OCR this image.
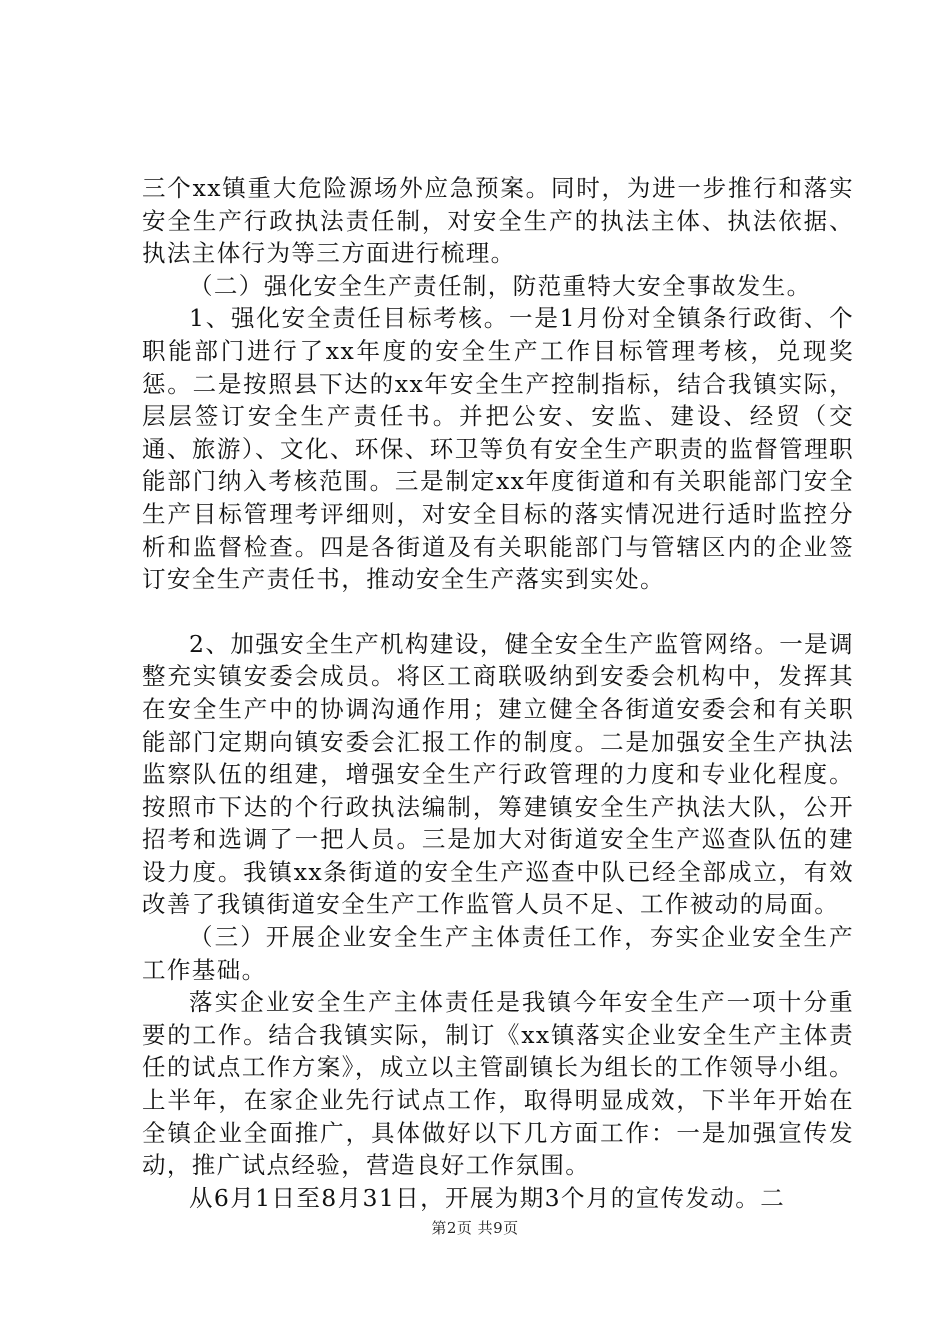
三个xx镇重大危险源场外应急预案。同时，为进一步推行和落实安全生产行政执法责任制，对安全生产的执法主体、执法依据、执法主体行为等三方面进行梳理。

（二）强化安全生产责任制，防范重特大安全事故发生。

1、强化安全责任目标考核。一是1月份对全镇条行政街、个职能部门进行了xx年度的安全生产工作目标管理考核，兑现奖惩。二是按照县下达的xx年安全生产控制指标，结合我镇实际，层层签订安全生产责任书。并把公安、安监、建设、经贸（交通、旅游）、文化、环保、环卫等负有安全生产职责的监督管理职能部门纳入考核范围。三是制定xx年度街道和有关职能部门安全生产目标管理考评细则，对安全目标的落实情况进行适时监控分析和监督检查。四是各街道及有关职能部门与管辖区内的企业签订安全生产责任书，推动安全生产落实到实处。

2、加强安全生产机构建设，健全安全生产监管网络。一是调整充实镇安委会成员。将区工商联吸纳到安委会机构中，发挥其在安全生产中的协调沟通作用；建立健全各街道安委会和有关职能部门定期向镇安委会汇报工作的制度。二是加强安全生产执法监察队伍的组建，增强安全生产行政管理的力度和专业化程度。按照市下达的个行政执法编制，筹建镇安全生产执法大队，公开招考和选调了一把人员。三是加大对街道安全生产巡查队伍的建设力度。我镇xx条街道的安全生产巡查中队已经全部成立，有效改善了我镇街道安全生产工作监管人员不足、工作被动的局面。

（三）开展企业安全生产主体责任工作，夯实企业安全生产工作基础。

落实企业安全生产主体责任是我镇今年安全生产一项十分重要的工作。结合我镇实际，制订《xx镇落实企业安全生产主体责任的试点工作方案》，成立以主管副镇长为组长的工作领导小组。上半年，在家企业先行试点工作，取得明显成效，下半年开始在全镇企业全面推广，具体做好以下几方面工作：一是加强宣传发动，推广试点经验，营造良好工作氛围。

从6月1日至8月31日，开展为期3个月的宣传发动。二

第2页 共9页
